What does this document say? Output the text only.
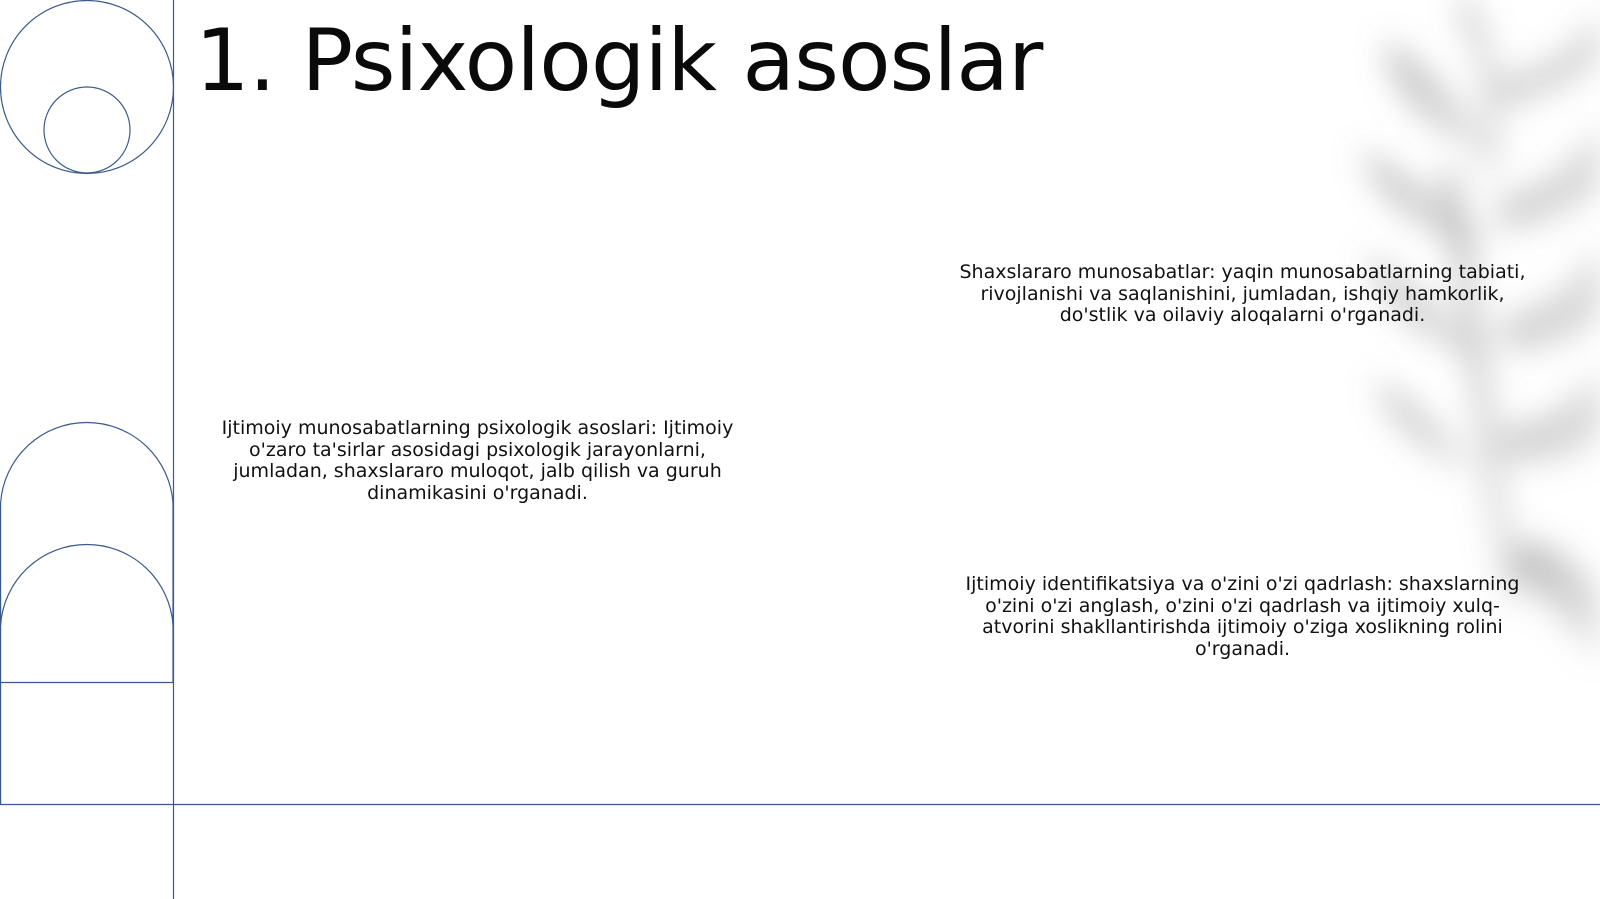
1. Psixologik asoslar

Shaxslararo munosabatlar: yaqin munosabatlarning tabiati, rivojlanishi va saqlanishini, jumladan, ishqiy hamkorlik, do'stlik va oilaviy aloqalarni o'rganadi.

Ijtimoiy munosabatlarning psixologik asoslari: Ijtimoiy o'zaro ta'sirlar asosidagi psixologik jarayonlarni, jumladan, shaxslararo muloqot, jalb qilish va guruh dinamikasini o'rganadi.

Ijtimoiy identifikatsiya va o'zini o'zi qadrlash: shaxslarning o'zini o'zi anglash, o'zini o'zi qadrlash va ijtimoiy xulq-atvorini shakllantirishda ijtimoiy o'ziga xoslikning rolini o'rganadi.
